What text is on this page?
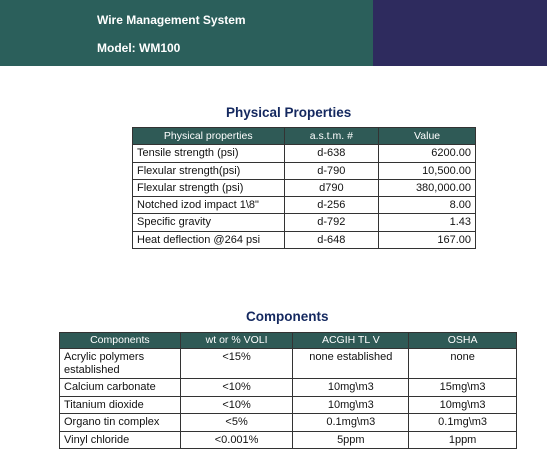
Wire Management System
Model: WM100
Physical Properties
Physical properties	a.s.t.m. #	Value
Tensile strength (psi)	d-638	6200.00
Flexular strength(psi)	d-790	10,500.00
Flexular strength (psi)	d790	380,000.00
Notched izod impact 1\8"	d-256	8.00
Specific gravity	d-792	1.43
Heat deflection @264 psi	d-648	167.00
Components
Components	wt or % VOLI	ACGIH TL V	OSHA
Acrylic polymers established	<15%	none established	none
Calcium carbonate	<10%	10mg\m3	15mg\m3
Titanium dioxide	<10%	10mg\m3	10mg\m3
Organo tin complex	<5%	0.1mg\m3	0.1mg\m3
Vinyl chloride	<0.001%	5ppm	1ppm
